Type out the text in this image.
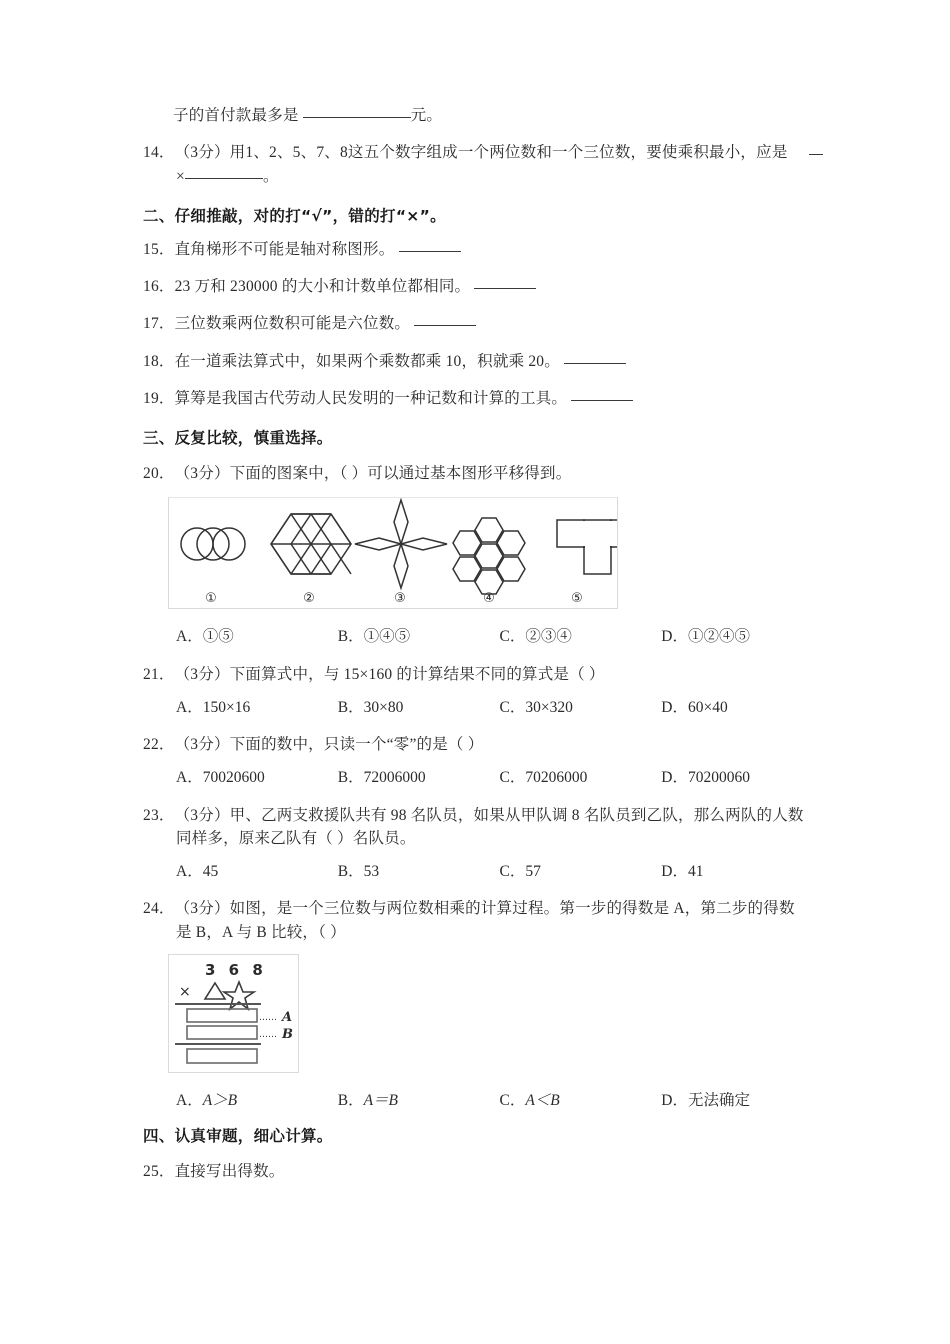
子的首付款最多是	元。
14． （3分） 用1、2、5、7、8这五个数字组成一个两位数和一个三位数，要使乘积最小，应是
×	。
二、仔细推敲，对的打“√”，错的打“×”。
15． 直角梯形不可能是轴对称图形。
16． 23 万和 230000 的大小和计数单位都相同。
17． 三位数乘两位数积可能是六位数。
18． 在一道乘法算式中，如果两个乘数都乘 10，积就乘 20。
19． 算筹是我国古代劳动人民发明的一种记数和计算的工具。
三、反复比较，慎重选择。
20． （3分） 下面的图案中，（ ）可以通过基本图形平移得到。
①	②	③	④	⑤
A．①⑤	B．①④⑤	C．②③④	D．①②④⑤
21． （3分） 下面算式中，与 15×160 的计算结果不同的算式是（ ）
A．150×16	B．30×80	C．30×320	D．60×40
22． （3分） 下面的数中，只读一个“零”的是（ ）
A．70020600	B．72006000	C．70206000	D．70200060
23． （3分） 甲、乙两支救援队共有 98 名队员，如果从甲队调 8 名队员到乙队，那么两队的人数
同样多，原来乙队有（ ）名队员。
A．45	B．53	C．57	D．41
24． （3分） 如图，是一个三位数与两位数相乘的计算过程。第一步的得数是 A，第二步的得数
是 B，A 与 B 比较，（ ）
3 6 8
×
…… A
…… B
A．A＞B	B．A＝B	C．A＜B	D．无法确定
四、认真审题，细心计算。
25． 直接写出得数。
